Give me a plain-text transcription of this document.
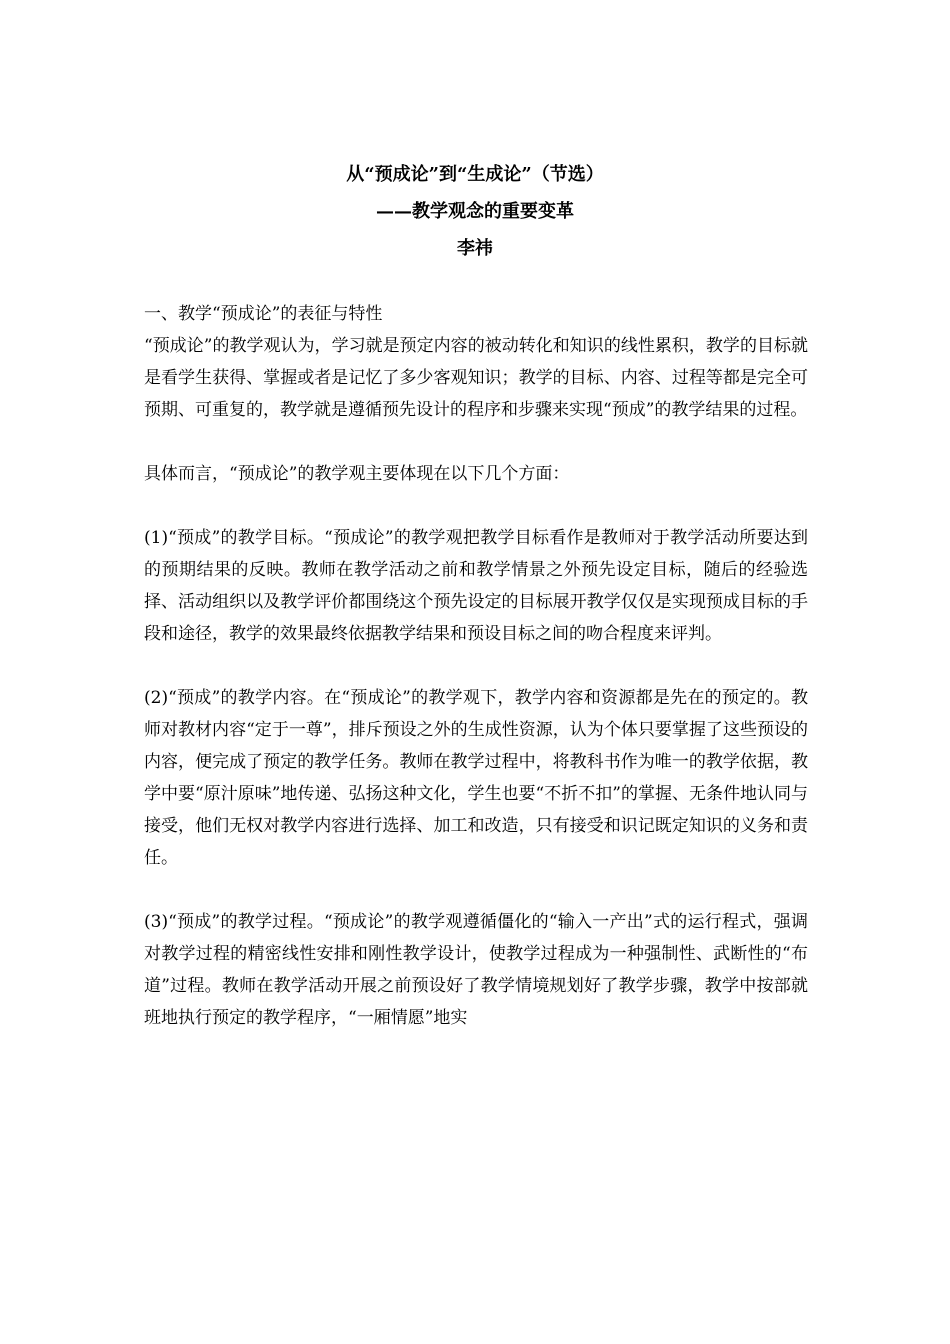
从“预成论”到“生成论”（节选）
——教学观念的重要变革
李祎
一、教学“预成论”的表征与特性

“预成论”的教学观认为，学习就是预定内容的被动转化和知识的线性累积，教学的目标就是看学生获得、掌握或者是记忆了多少客观知识；教学的目标、内容、过程等都是完全可预期、可重复的，教学就是遵循预先设计的程序和步骤来实现“预成”的教学结果的过程。

具体而言，“预成论”的教学观主要体现在以下几个方面：

(1)“预成”的教学目标。“预成论”的教学观把教学目标看作是教师对于教学活动所要达到的预期结果的反映。教师在教学活动之前和教学情景之外预先设定目标，随后的经验选择、活动组织以及教学评价都围绕这个预先设定的目标展开教学仅仅是实现预成目标的手段和途径，教学的效果最终依据教学结果和预设目标之间的吻合程度来评判。

(2)“预成”的教学内容。在“预成论”的教学观下，教学内容和资源都是先在的预定的。教师对教材内容“定于一尊”，排斥预设之外的生成性资源，认为个体只要掌握了这些预设的内容，便完成了预定的教学任务。教师在教学过程中，将教科书作为唯一的教学依据，教学中要“原汁原味”地传递、弘扬这种文化，学生也要“不折不扣”的掌握、无条件地认同与接受，他们无权对教学内容进行选择、加工和改造，只有接受和识记既定知识的义务和责任。

(3)“预成”的教学过程。“预成论”的教学观遵循僵化的“输入一产出”式的运行程式，强调对教学过程的精密线性安排和刚性教学设计，使教学过程成为一种强制性、武断性的“布道”过程。教师在教学活动开展之前预设好了教学情境规划好了教学步骤，教学中按部就班地执行预定的教学程序，“一厢情愿”地实
